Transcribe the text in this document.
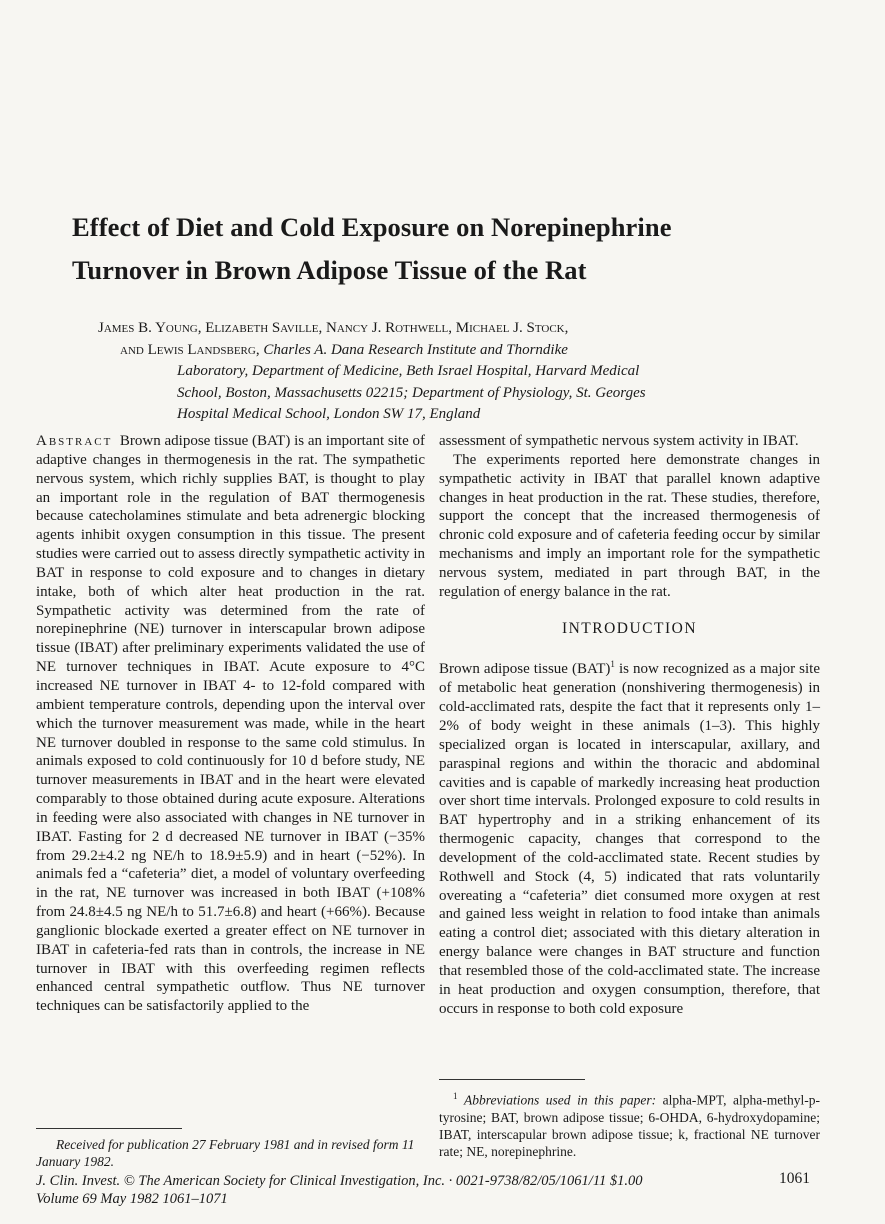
Effect of Diet and Cold Exposure on Norepinephrine
Turnover in Brown Adipose Tissue of the Rat
James B. Young, Elizabeth Saville, Nancy J. Rothwell, Michael J. Stock,
and Lewis Landsberg, Charles A. Dana Research Institute and Thorndike
Laboratory, Department of Medicine, Beth Israel Hospital, Harvard Medical
School, Boston, Massachusetts 02215; Department of Physiology, St. Georges
Hospital Medical School, London SW 17, England

Abstract Brown adipose tissue (BAT) is an important site of adaptive changes in thermogenesis in the rat. The sympathetic nervous system, which richly supplies BAT, is thought to play an important role in the regulation of BAT thermogenesis because catecholamines stimulate and beta adrenergic blocking agents inhibit oxygen consumption in this tissue. The present studies were carried out to assess directly sympathetic activity in BAT in response to cold exposure and to changes in dietary intake, both of which alter heat production in the rat. Sympathetic activity was determined from the rate of norepinephrine (NE) turnover in interscapular brown adipose tissue (IBAT) after preliminary experiments validated the use of NE turnover techniques in IBAT. Acute exposure to 4°C increased NE turnover in IBAT 4- to 12-fold compared with ambient temperature controls, depending upon the interval over which the turnover measurement was made, while in the heart NE turnover doubled in response to the same cold stimulus. In animals exposed to cold continuously for 10 d before study, NE turnover measurements in IBAT and in the heart were elevated comparably to those obtained during acute exposure. Alterations in feeding were also associated with changes in NE turnover in IBAT. Fasting for 2 d decreased NE turnover in IBAT (−35% from 29.2±4.2 ng NE/h to 18.9±5.9) and in heart (−52%). In animals fed a “cafeteria” diet, a model of voluntary overfeeding in the rat, NE turnover was increased in both IBAT (+108% from 24.8±4.5 ng NE/h to 51.7±6.8) and heart (+66%). Because ganglionic blockade exerted a greater effect on NE turnover in IBAT in cafeteria-fed rats than in controls, the increase in NE turnover in IBAT with this overfeeding regimen reflects enhanced central sympathetic outflow. Thus NE turnover techniques can be satisfactorily applied to the

assessment of sympathetic nervous system activity in IBAT.

The experiments reported here demonstrate changes in sympathetic activity in IBAT that parallel known adaptive changes in heat production in the rat. These studies, therefore, support the concept that the increased thermogenesis of chronic cold exposure and of cafeteria feeding occur by similar mechanisms and imply an important role for the sympathetic nervous system, mediated in part through BAT, in the regulation of energy balance in the rat.

INTRODUCTION

Brown adipose tissue (BAT)$^1$ is now recognized as a major site of metabolic heat generation (nonshivering thermogenesis) in cold-acclimated rats, despite the fact that it represents only 1–2% of body weight in these animals (1–3). This highly specialized organ is located in interscapular, axillary, and paraspinal regions and within the thoracic and abdominal cavities and is capable of markedly increasing heat production over short time intervals. Prolonged exposure to cold results in BAT hypertrophy and in a striking enhancement of its thermogenic capacity, changes that correspond to the development of the cold-acclimated state. Recent studies by Rothwell and Stock (4, 5) indicated that rats voluntarily overeating a “cafeteria” diet consumed more oxygen at rest and gained less weight in relation to food intake than animals eating a control diet; associated with this dietary alteration in energy balance were changes in BAT structure and function that resembled those of the cold-acclimated state. The increase in heat production and oxygen consumption, therefore, that occurs in response to both cold exposure

Received for publication 27 February 1981 and in revised form 11 January 1982.
$^1$ Abbreviations used in this paper: alpha-MPT, alpha-methyl-p-tyrosine; BAT, brown adipose tissue; 6-OHDA, 6-hydroxydopamine; IBAT, interscapular brown adipose tissue; k, fractional NE turnover rate; NE, norepinephrine.
J. Clin. Invest. © The American Society for Clinical Investigation, Inc. · 0021-9738/82/05/1061/11 $1.00
Volume 69 May 1982 1061–1071
1061
